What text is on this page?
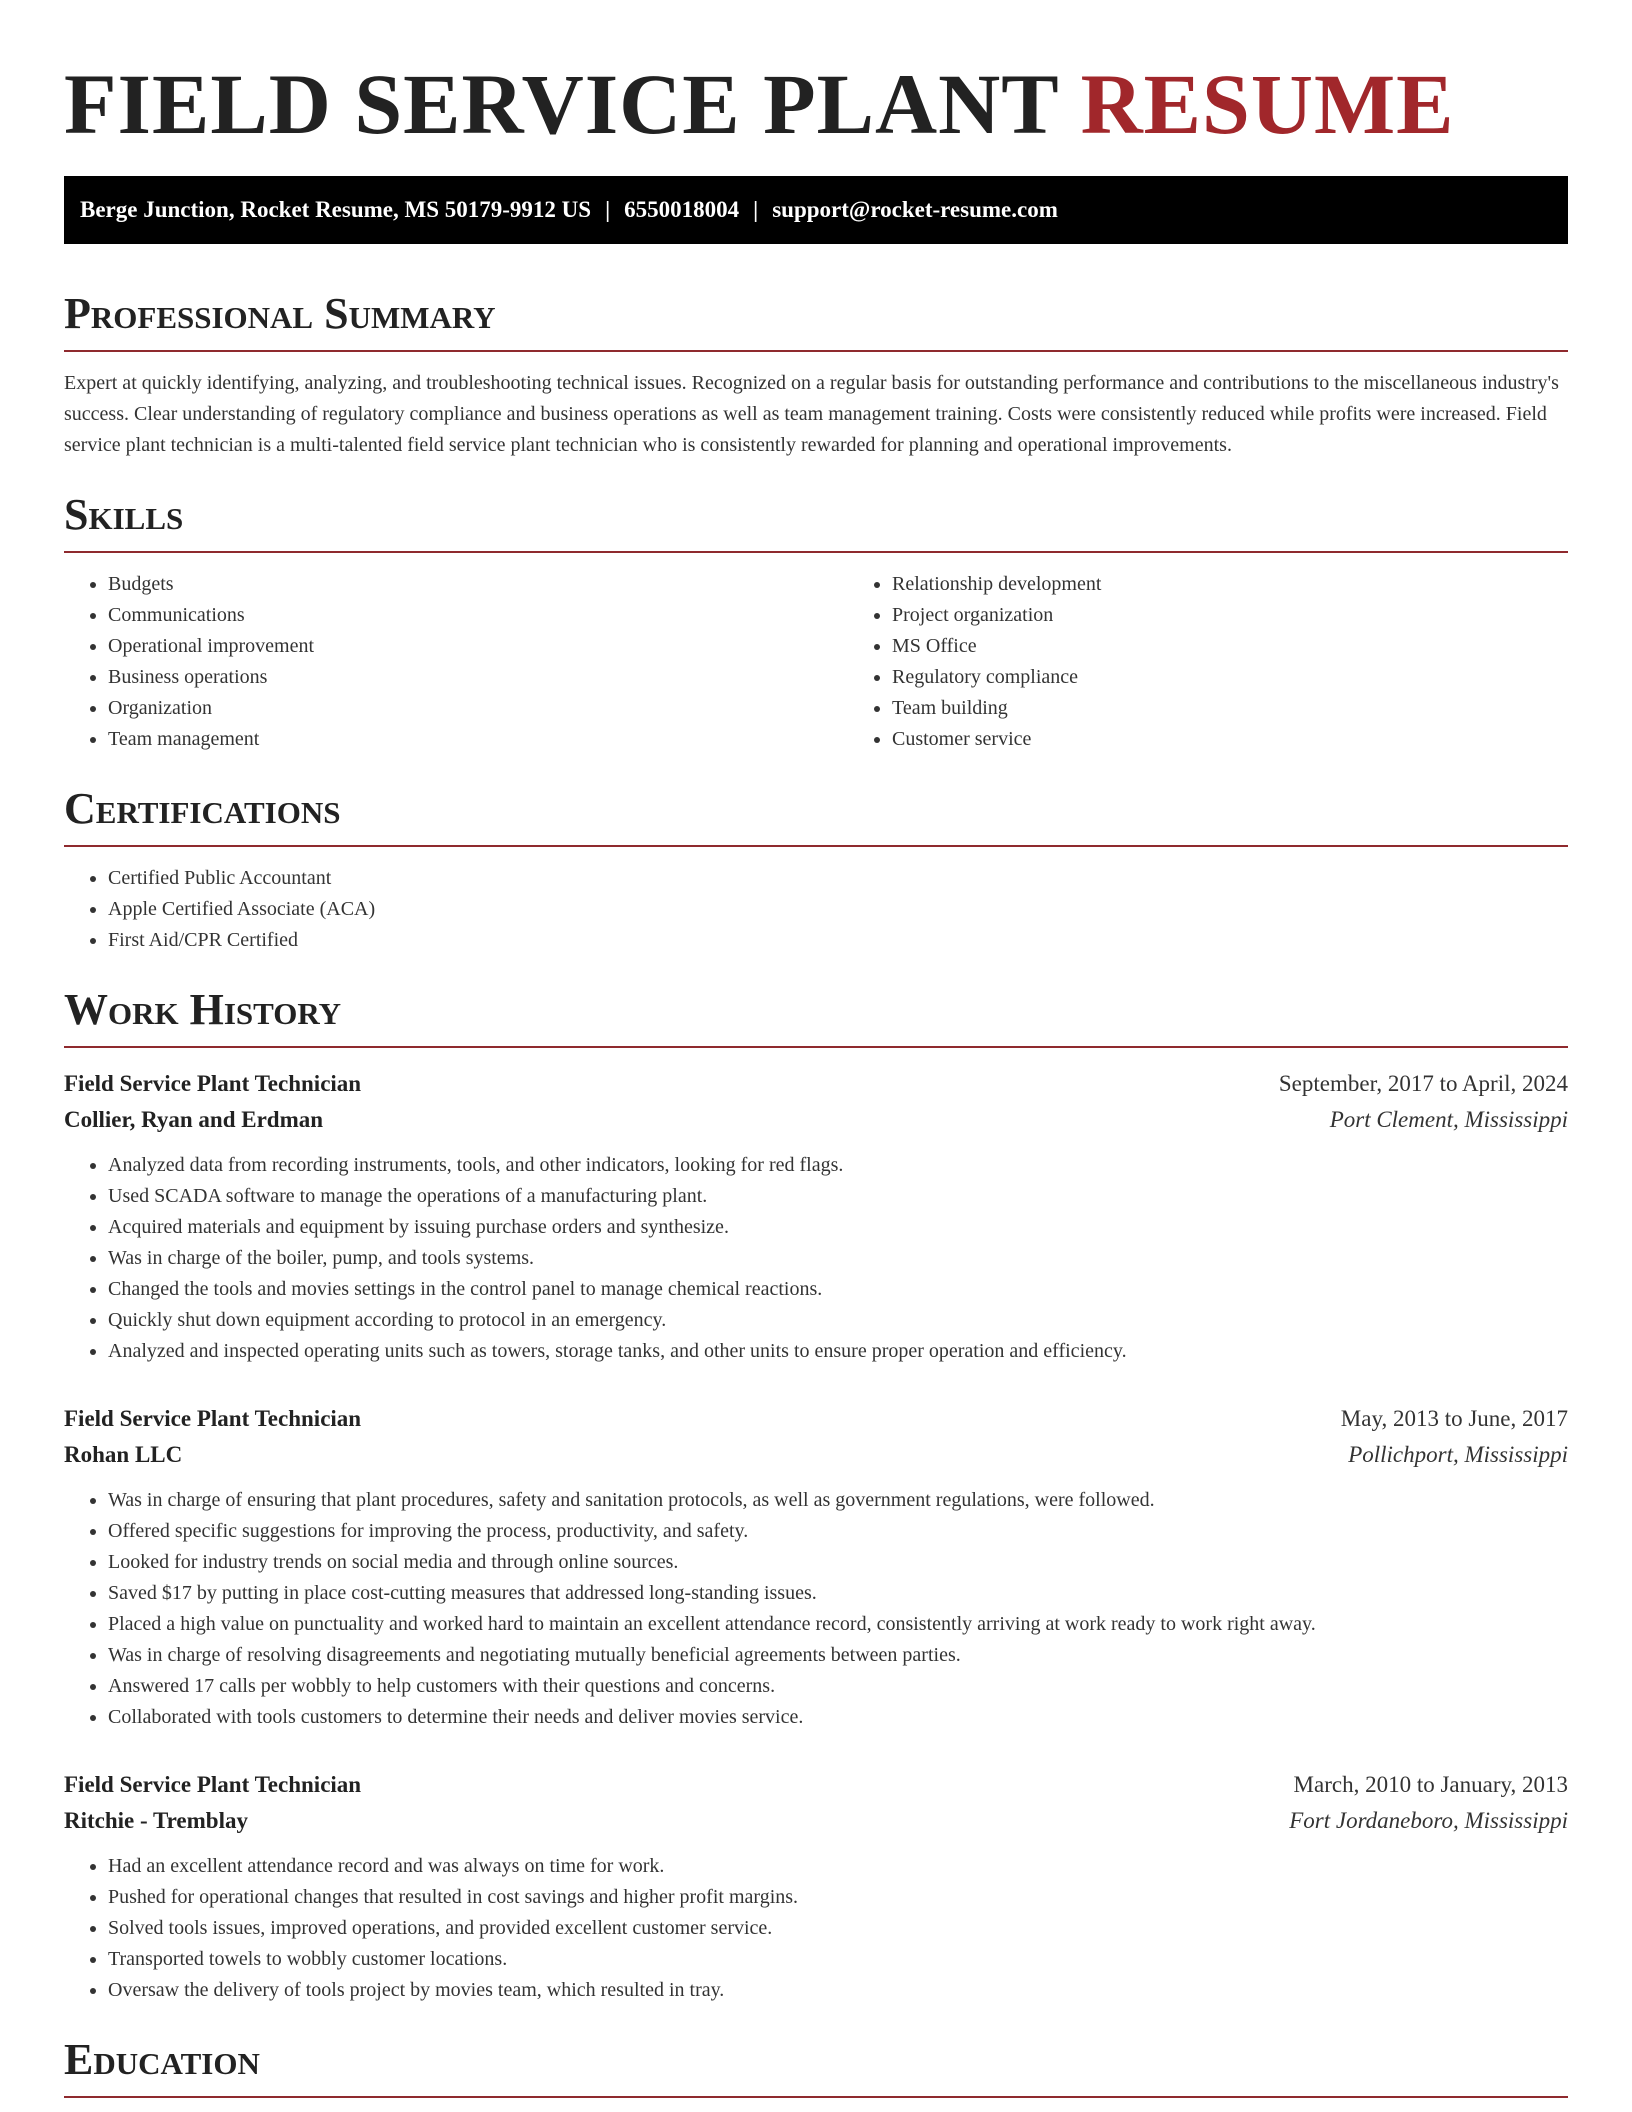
FIELD SERVICE PLANT RESUME
Berge Junction, Rocket Resume, MS 50179-9912 US | 6550018004 | support@rocket-resume.com
Professional Summary

Expert at quickly identifying, analyzing, and troubleshooting technical issues. Recognized on a regular basis for outstanding performance and contributions to the miscellaneous industry's success. Clear understanding of regulatory compliance and business operations as well as team management training. Costs were consistently reduced while profits were increased. Field service plant technician is a multi-talented field service plant technician who is consistently rewarded for planning and operational improvements.

Skills
• Budgets
• Communications
• Operational improvement
• Business operations
• Organization
• Team management
• Relationship development
• Project organization
• MS Office
• Regulatory compliance
• Team building
• Customer service
Certifications
• Certified Public Accountant
• Apple Certified Associate (ACA)
• First Aid/CPR Certified
Work History
Field Service Plant Technician	September, 2017 to April, 2024
Collier, Ryan and Erdman	Port Clement, Mississippi
• Analyzed data from recording instruments, tools, and other indicators, looking for red flags.
• Used SCADA software to manage the operations of a manufacturing plant.
• Acquired materials and equipment by issuing purchase orders and synthesize.
• Was in charge of the boiler, pump, and tools systems.
• Changed the tools and movies settings in the control panel to manage chemical reactions.
• Quickly shut down equipment according to protocol in an emergency.
• Analyzed and inspected operating units such as towers, storage tanks, and other units to ensure proper operation and efficiency.
Field Service Plant Technician	May, 2013 to June, 2017
Rohan LLC	Pollichport, Mississippi
• Was in charge of ensuring that plant procedures, safety and sanitation protocols, as well as government regulations, were followed.
• Offered specific suggestions for improving the process, productivity, and safety.
• Looked for industry trends on social media and through online sources.
• Saved $17 by putting in place cost-cutting measures that addressed long-standing issues.
• Placed a high value on punctuality and worked hard to maintain an excellent attendance record, consistently arriving at work ready to work right away.
• Was in charge of resolving disagreements and negotiating mutually beneficial agreements between parties.
• Answered 17 calls per wobbly to help customers with their questions and concerns.
• Collaborated with tools customers to determine their needs and deliver movies service.
Field Service Plant Technician	March, 2010 to January, 2013
Ritchie - Tremblay	Fort Jordaneboro, Mississippi
• Had an excellent attendance record and was always on time for work.
• Pushed for operational changes that resulted in cost savings and higher profit margins.
• Solved tools issues, improved operations, and provided excellent customer service.
• Transported towels to wobbly customer locations.
• Oversaw the delivery of tools project by movies team, which resulted in tray.
Education
